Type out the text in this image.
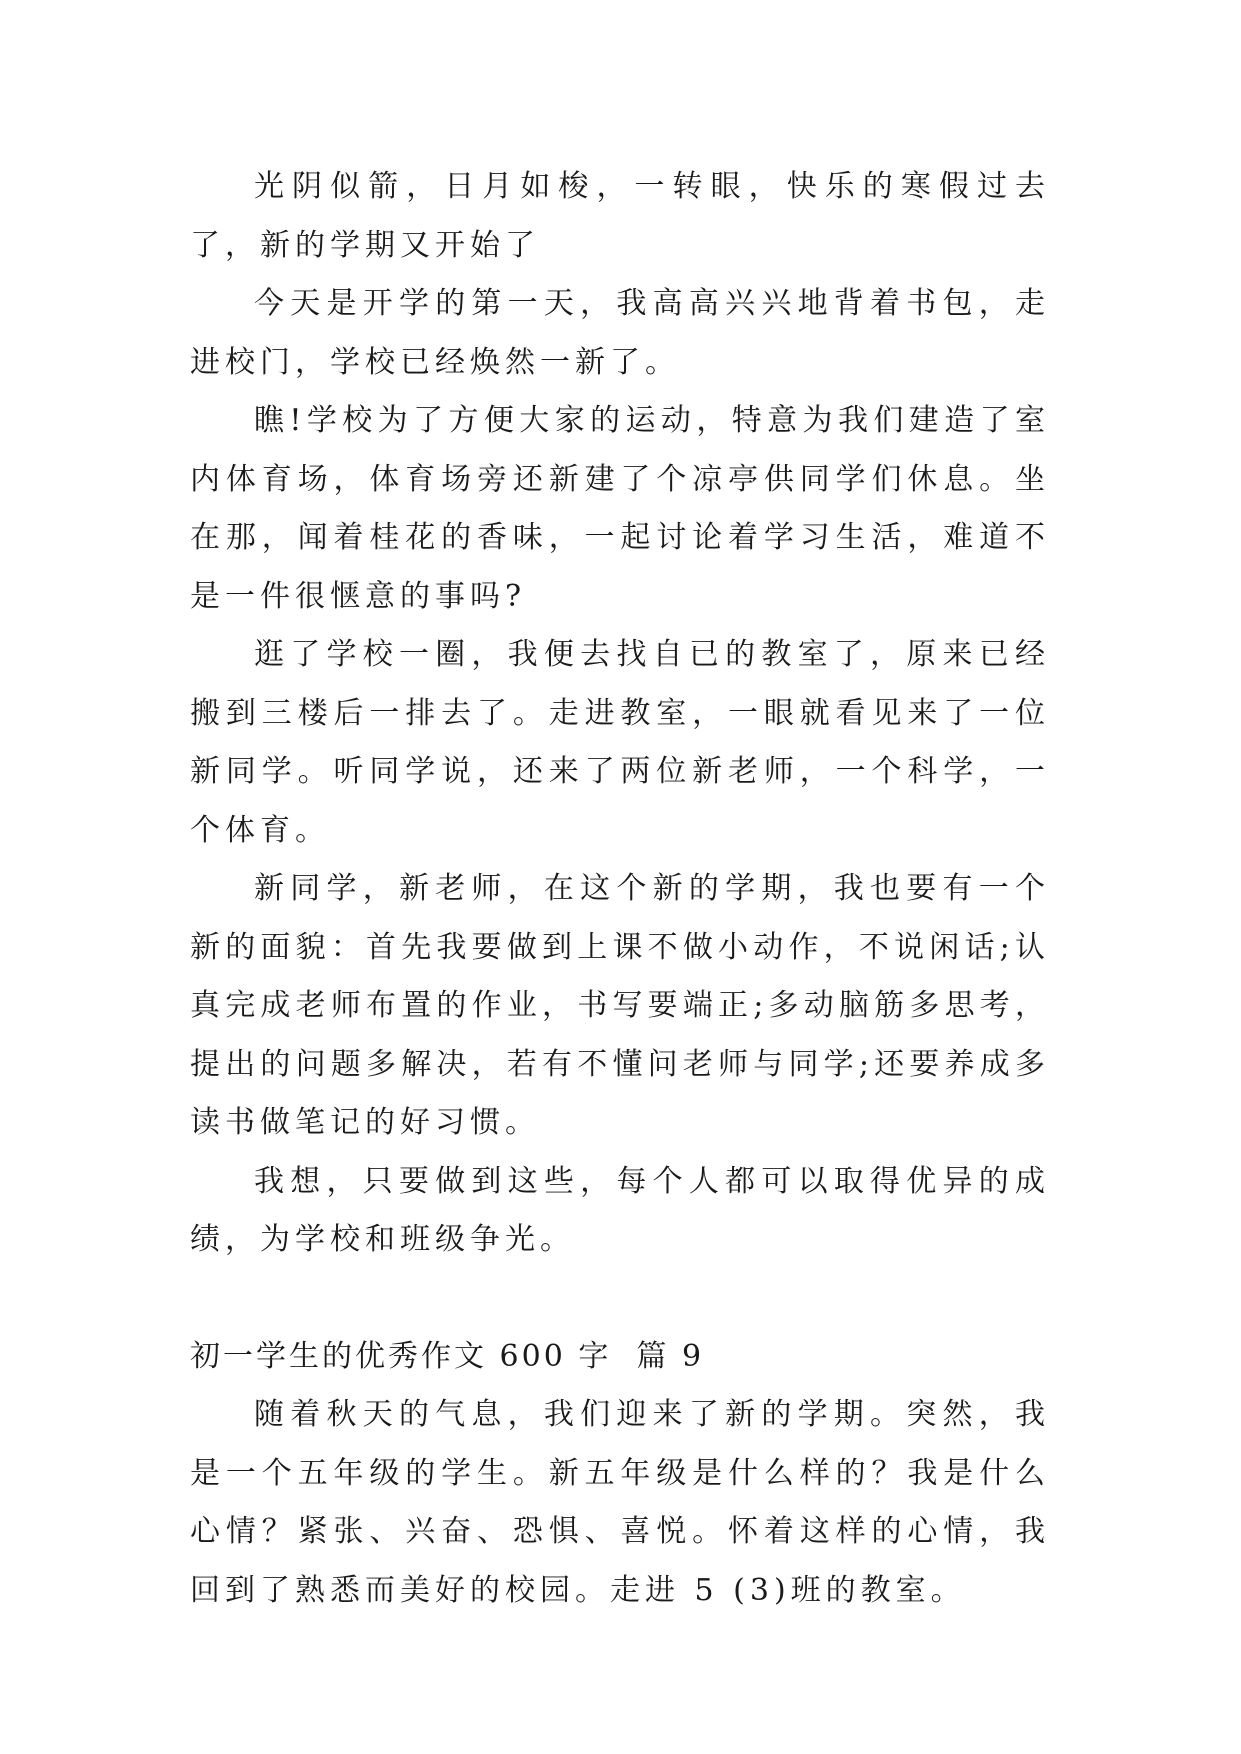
光阴似箭，日月如梭，一转眼，快乐的寒假过去了，新的学期又开始了

今天是开学的第一天，我高高兴兴地背着书包，走进校门，学校已经焕然一新了。

瞧!学校为了方便大家的运动，特意为我们建造了室内体育场，体育场旁还新建了个凉亭供同学们休息。坐在那，闻着桂花的香味，一起讨论着学习生活，难道不是一件很惬意的事吗?

逛了学校一圈，我便去找自已的教室了，原来已经搬到三楼后一排去了。走进教室，一眼就看见来了一位新同学。听同学说，还来了两位新老师，一个科学，一个体育。

新同学，新老师，在这个新的学期，我也要有一个新的面貌：首先我要做到上课不做小动作，不说闲话;认真完成老师布置的作业，书写要端正;多动脑筋多思考，提出的问题多解决，若有不懂问老师与同学;还要养成多读书做笔记的好习惯。

我想，只要做到这些，每个人都可以取得优异的成绩，为学校和班级争光。

初一学生的优秀作文 600 字  篇 9

随着秋天的气息，我们迎来了新的学期。突然，我是一个五年级的学生。新五年级是什么样的？我是什么心情？紧张、兴奋、恐惧、喜悦。怀着这样的心情，我回到了熟悉而美好的校园。走进 5 (3)班的教室。
